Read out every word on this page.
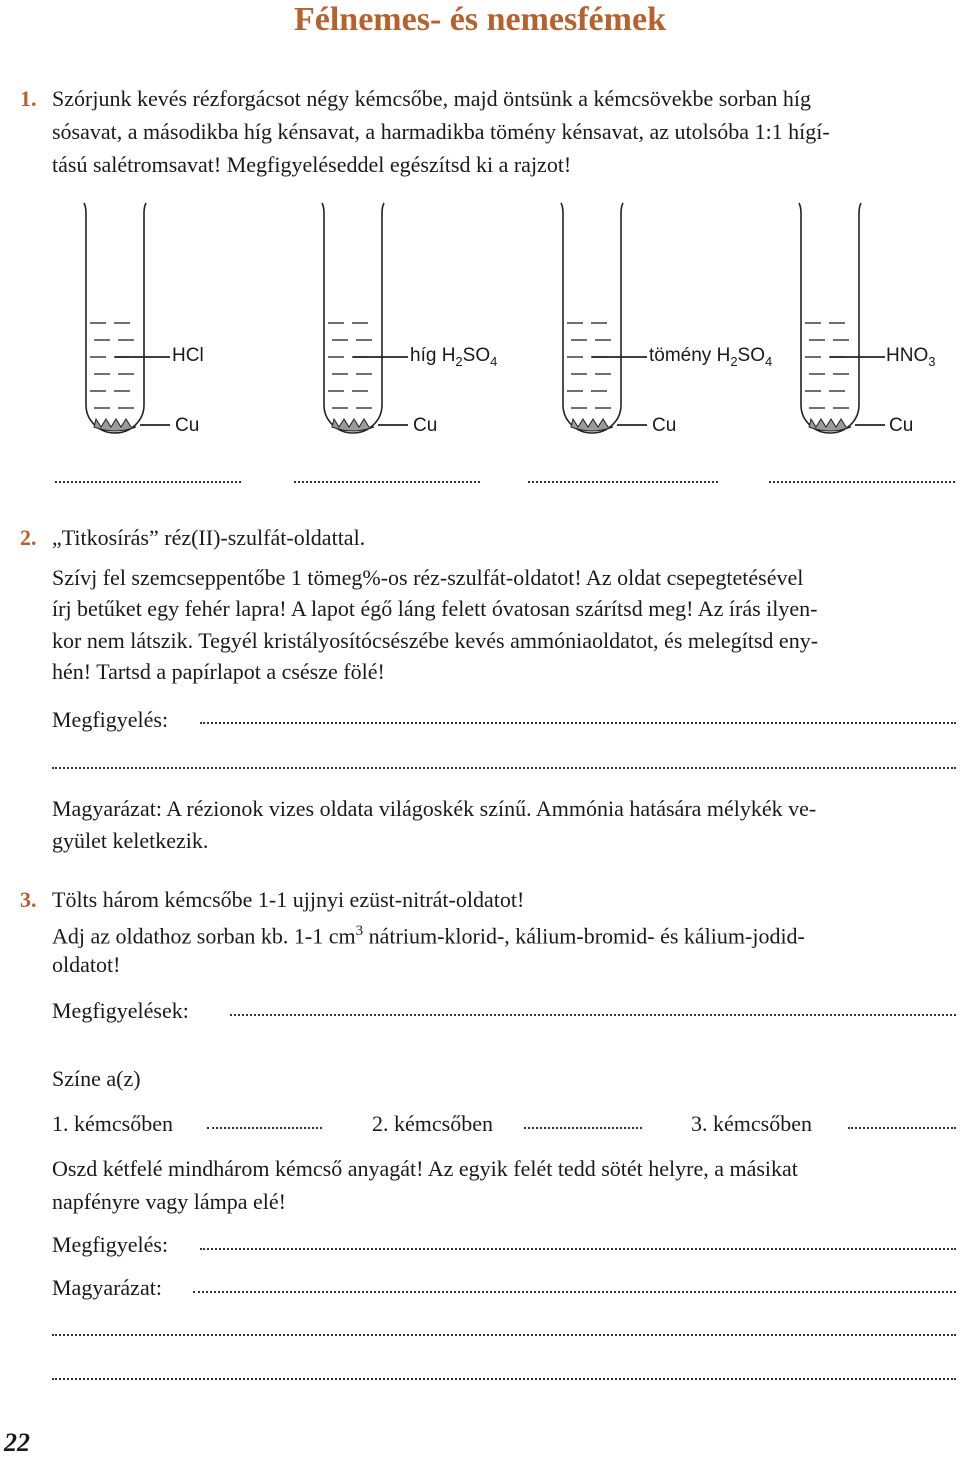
Félnemes- és nemesfémek
1. Szórjunk kevés rézforgácsot négy kémcsőbe, majd öntsünk a kémcsövekbe sorban híg
sósavat, a másodikba híg kénsavat, a harmadikba tömény kénsavat, az utolsóba 1:1 hígí-
tású salétromsavat! Megfigyeléseddel egészítsd ki a rajzot!
HCl
Cu
híg $H_2SO_4$
Cu
tömény $H_2SO_4$
Cu
$HNO_3$
Cu
2. „Titkosírás” réz(II)-szulfát-oldattal.
Szívj fel szemcseppentőbe 1 tömeg%-os réz-szulfát-oldatot! Az oldat csepegtetésével
írj betűket egy fehér lapra! A lapot égő láng felett óvatosan szárítsd meg! Az írás ilyen-
kor nem látszik. Tegyél kristályosítócsészébe kevés ammóniaoldatot, és melegítsd eny-
hén! Tartsd a papírlapot a csésze fölé!
Megfigyelés:
Magyarázat: A rézionok vizes oldata világoskék színű. Ammónia hatására mélykék ve-
gyület keletkezik.
3. Tölts három kémcsőbe 1-1 ujjnyi ezüst-nitrát-oldatot!
Adj az oldathoz sorban kb. 1-1 $cm^3$ nátrium-klorid-, kálium-bromid- és kálium-jodid-
oldatot!
Megfigyelések:
Színe a(z)
1. kémcsőben	2. kémcsőben	3. kémcsőben
Oszd kétfelé mindhárom kémcső anyagát! Az egyik felét tedd sötét helyre, a másikat
napfényre vagy lámpa elé!
Megfigyelés:
Magyarázat:
22
